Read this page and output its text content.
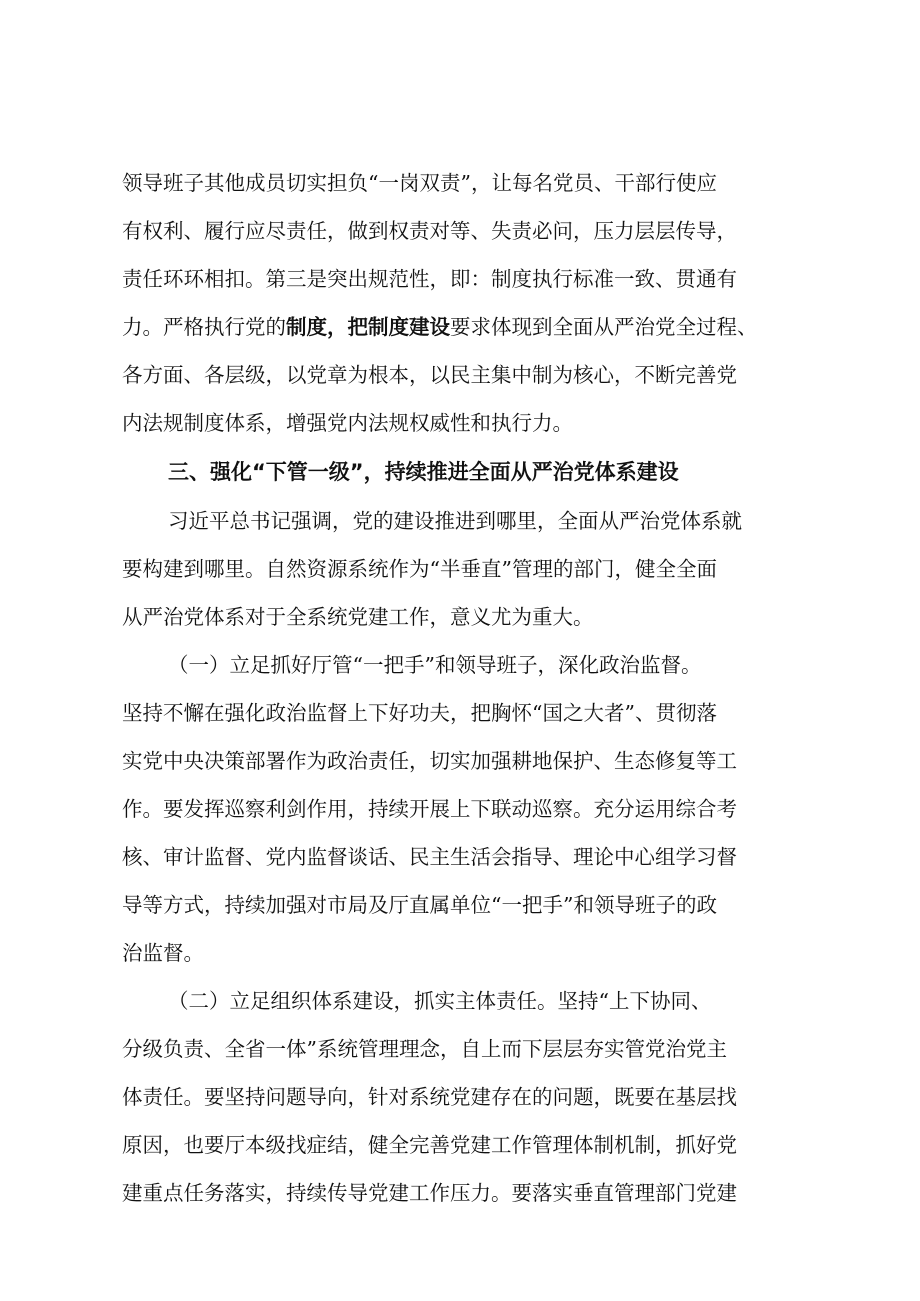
领导班子其他成员切实担负“一岗双责”，让每名党员、干部行使应
有权利、履行应尽责任，做到权责对等、失责必问，压力层层传导，
责任环环相扣。第三是突出规范性，即：制度执行标准一致、贯通有
力。严格执行党的制度，把制度建设要求体现到全面从严治党全过程、
各方面、各层级，以党章为根本，以民主集中制为核心，不断完善党
内法规制度体系，增强党内法规权威性和执行力。
三、强化“下管一级”，持续推进全面从严治党体系建设
习近平总书记强调，党的建设推进到哪里，全面从严治党体系就
要构建到哪里。自然资源系统作为“半垂直”管理的部门，健全全面
从严治党体系对于全系统党建工作，意义尤为重大。
（一）立足抓好厅管“一把手”和领导班子，深化政治监督。
坚持不懈在强化政治监督上下好功夫，把胸怀“国之大者”、贯彻落
实党中央决策部署作为政治责任，切实加强耕地保护、生态修复等工
作。要发挥巡察利剑作用，持续开展上下联动巡察。充分运用综合考
核、审计监督、党内监督谈话、民主生活会指导、理论中心组学习督
导等方式，持续加强对市局及厅直属单位“一把手”和领导班子的政
治监督。
（二）立足组织体系建设，抓实主体责任。坚持“上下协同、
分级负责、全省一体”系统管理理念，自上而下层层夯实管党治党主
体责任。要坚持问题导向，针对系统党建存在的问题，既要在基层找
原因，也要厅本级找症结，健全完善党建工作管理体制机制，抓好党
建重点任务落实，持续传导党建工作压力。要落实垂直管理部门党建
